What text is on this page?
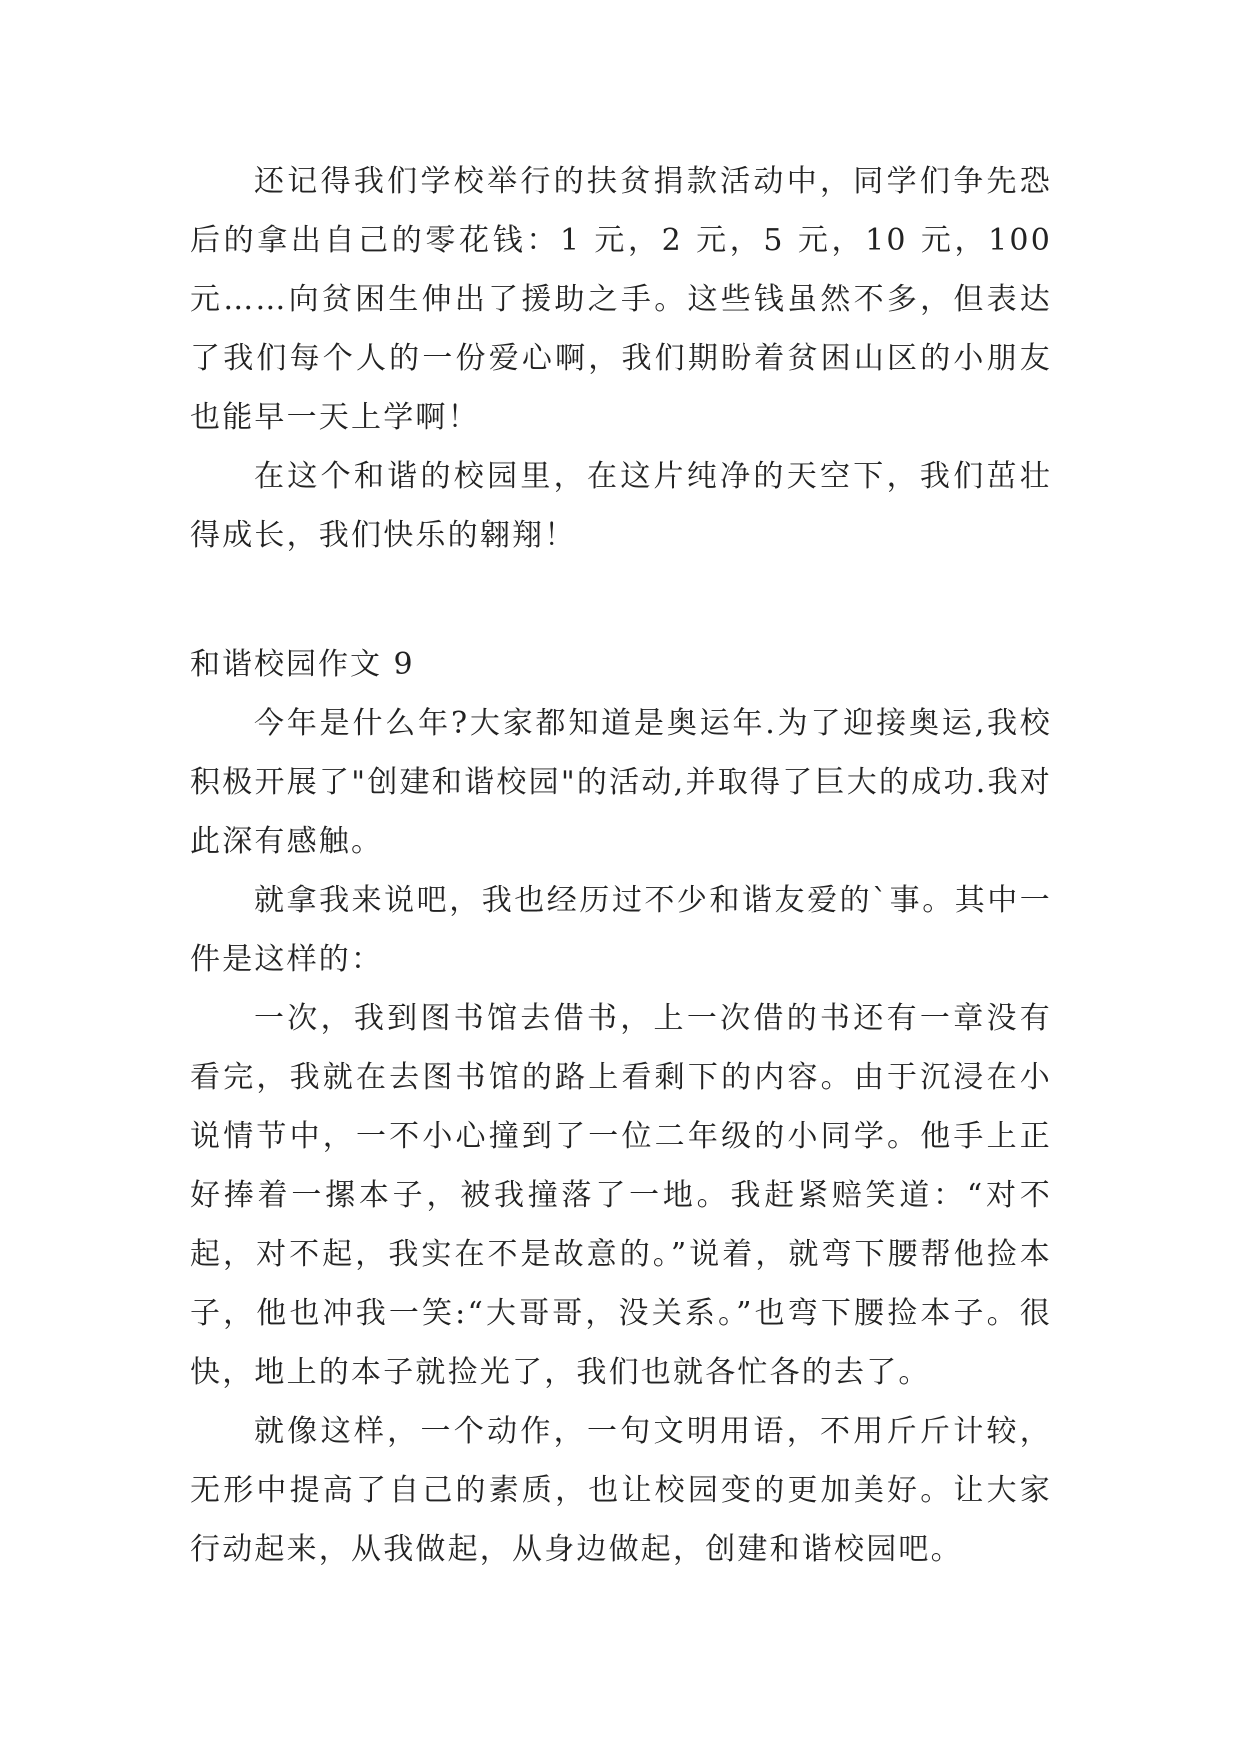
还记得我们学校举行的扶贫捐款活动中，同学们争先恐后的拿出自己的零花钱：1 元，2 元，5 元，10 元，100 元……向贫困生伸出了援助之手。这些钱虽然不多，但表达了我们每个人的一份爱心啊，我们期盼着贫困山区的小朋友也能早一天上学啊！

在这个和谐的校园里，在这片纯净的天空下，我们茁壮得成长，我们快乐的翱翔！

和谐校园作文 9

今年是什么年?大家都知道是奥运年.为了迎接奥运,我校积极开展了"创建和谐校园"的活动,并取得了巨大的成功.我对此深有感触。

就拿我来说吧，我也经历过不少和谐友爱的`事。其中一件是这样的：

一次，我到图书馆去借书，上一次借的书还有一章没有看完，我就在去图书馆的路上看剩下的内容。由于沉浸在小说情节中，一不小心撞到了一位二年级的小同学。他手上正好捧着一摞本子，被我撞落了一地。我赶紧赔笑道：“对不起，对不起，我实在不是故意的。”说着，就弯下腰帮他捡本子，他也冲我一笑:“大哥哥，没关系。”也弯下腰捡本子。很快，地上的本子就捡光了，我们也就各忙各的去了。

就像这样，一个动作，一句文明用语，不用斤斤计较，无形中提高了自己的素质，也让校园变的更加美好。让大家行动起来，从我做起，从身边做起，创建和谐校园吧。
